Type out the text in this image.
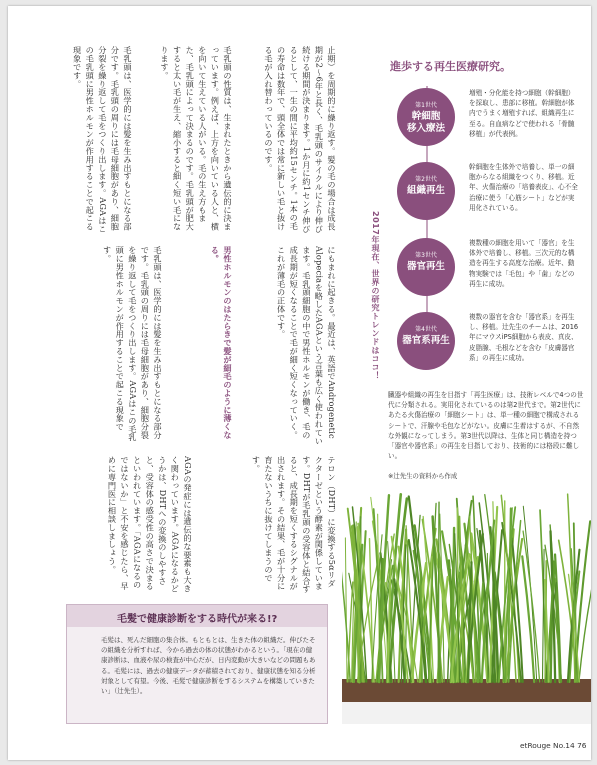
止期）を周期的に繰り返す。髪の毛の場合は成長期が2〜6年と長く、毛乳頭のサイクルにより伸び続ける期間が決まります。1か月に約1センチ伸びるとして、一生の間に平均約15センチ。1本の毛の寿命は数年で、頭全体では常に新しい毛と抜ける毛が入れ替わっているのです。

毛乳頭の性質は、生まれたときから遺伝的に決まっています。例えば、上方を向いている人と、横を向いて生えている人がいる。毛の生え方もまた、毛乳頭によって決まるのです。毛乳頭が肥大すると太い毛が生え、縮小すると細く短い毛になります。

毛乳頭は、医学的には髪を生み出すもとになる部分です。毛乳頭の周りには毛母細胞があり、細胞分裂を繰り返して毛をつくり出します。AGAはこの毛乳頭に男性ホルモンが作用することで起こる現象です。

にもまれに起きる。最近は、英語でAndrogenetic Alopeciaを略したAGAという言葉も広く使われています。毛乳頭細胞の中で男性ホルモンが働き、毛の成長期が短くなることで毛が細く短くなっていく。これが薄毛の正体です。

男性ホルモンのはたらきで髪が細毛のように薄くなる。

毛乳頭は、医学的には髪を生み出すもとになる部分です。毛乳頭の周りには毛母細胞があり、細胞分裂を繰り返して毛をつくり出します。AGAはこの毛乳頭に男性ホルモンが作用することで起こる現象です。

テロン（DHT）に変換する5αリダクターゼという酵素が関係しています。DHTが毛乳頭の受容体と結合すると、成長期を短くするシグナルが出されます。その結果、毛が十分に育たないうちに抜けてしまうのです。

AGAの発症には遺伝的な要素も大きく関わっています。AGAになるかどうかは、DHTへの変換のしやすさと、受容体の感受性の高さで決まるといわれています。「AGAになるのではないか」と不安を感じたら、早めに専門医に相談しましょう。

進歩する再生医療研究。
第1世代
幹細胞
移入療法
増殖・分化能を持つ細胞（幹細胞）を採取し、患部に移植。幹細胞が体内でうまく増殖すれば、組織再生に至る。自血病などで使われる「骨髄移植」が代表例。
第2世代
組織再生
幹細胞を生体外で培養し、単一の細胞からなる組織をつくり、移植。近年、火傷治療の「培養表皮」、心不全治療に使う「心筋シート」などが実用化されている。
第3世代
器官再生
複数種の細胞を用いて「器官」を生体外で培養し、移植。三次元的な構造を再生する高度な治療。近年、動物実験では「毛包」や「歯」などの再生に成功。
第4世代
器官系再生
複数の器官を含む「器官系」を再生し、移植。辻先生のチームは、2016年にマウスiPS細胞から表皮、真皮、皮脂腺、毛根などを含む「皮膚器官系」の再生に成功。
2017年現在、世界の研究トレンドはココ！
臓器や組織の再生を目指す「再生医療」は、技術レベルで4つの世代に分類される。実用化されているのは第2世代まで。第2世代にあたる火傷治療の「細胞シート」は、単一種の細胞で構成されるシートで、汗腺や毛包などがない。皮膚に生着はするが、不自然な外観になってしまう。第3世代以降は、生体と同じ構造を持つ「器官や器官系」の再生を目指しており、技術的には格段に難しい。
※辻先生の資料から作成
毛髪で健康診断をする時代が来る!?
毛髪は、死んだ細胞の集合体。もともとは、生きた体の組織だ。伸びたその組織を分析すれば、今から過去の体の状態がわかるという。「現在の健康診断は、血液や尿の検査が中心だが、日内変動が大きいなどの問題もある。毛髪には、過去の健康データが蓄積されており、健康状態を知る分析対象として有望。今後、毛髪で健康診断をするシステムを構築していきたい」（辻先生）。
etRouge No.14 76
